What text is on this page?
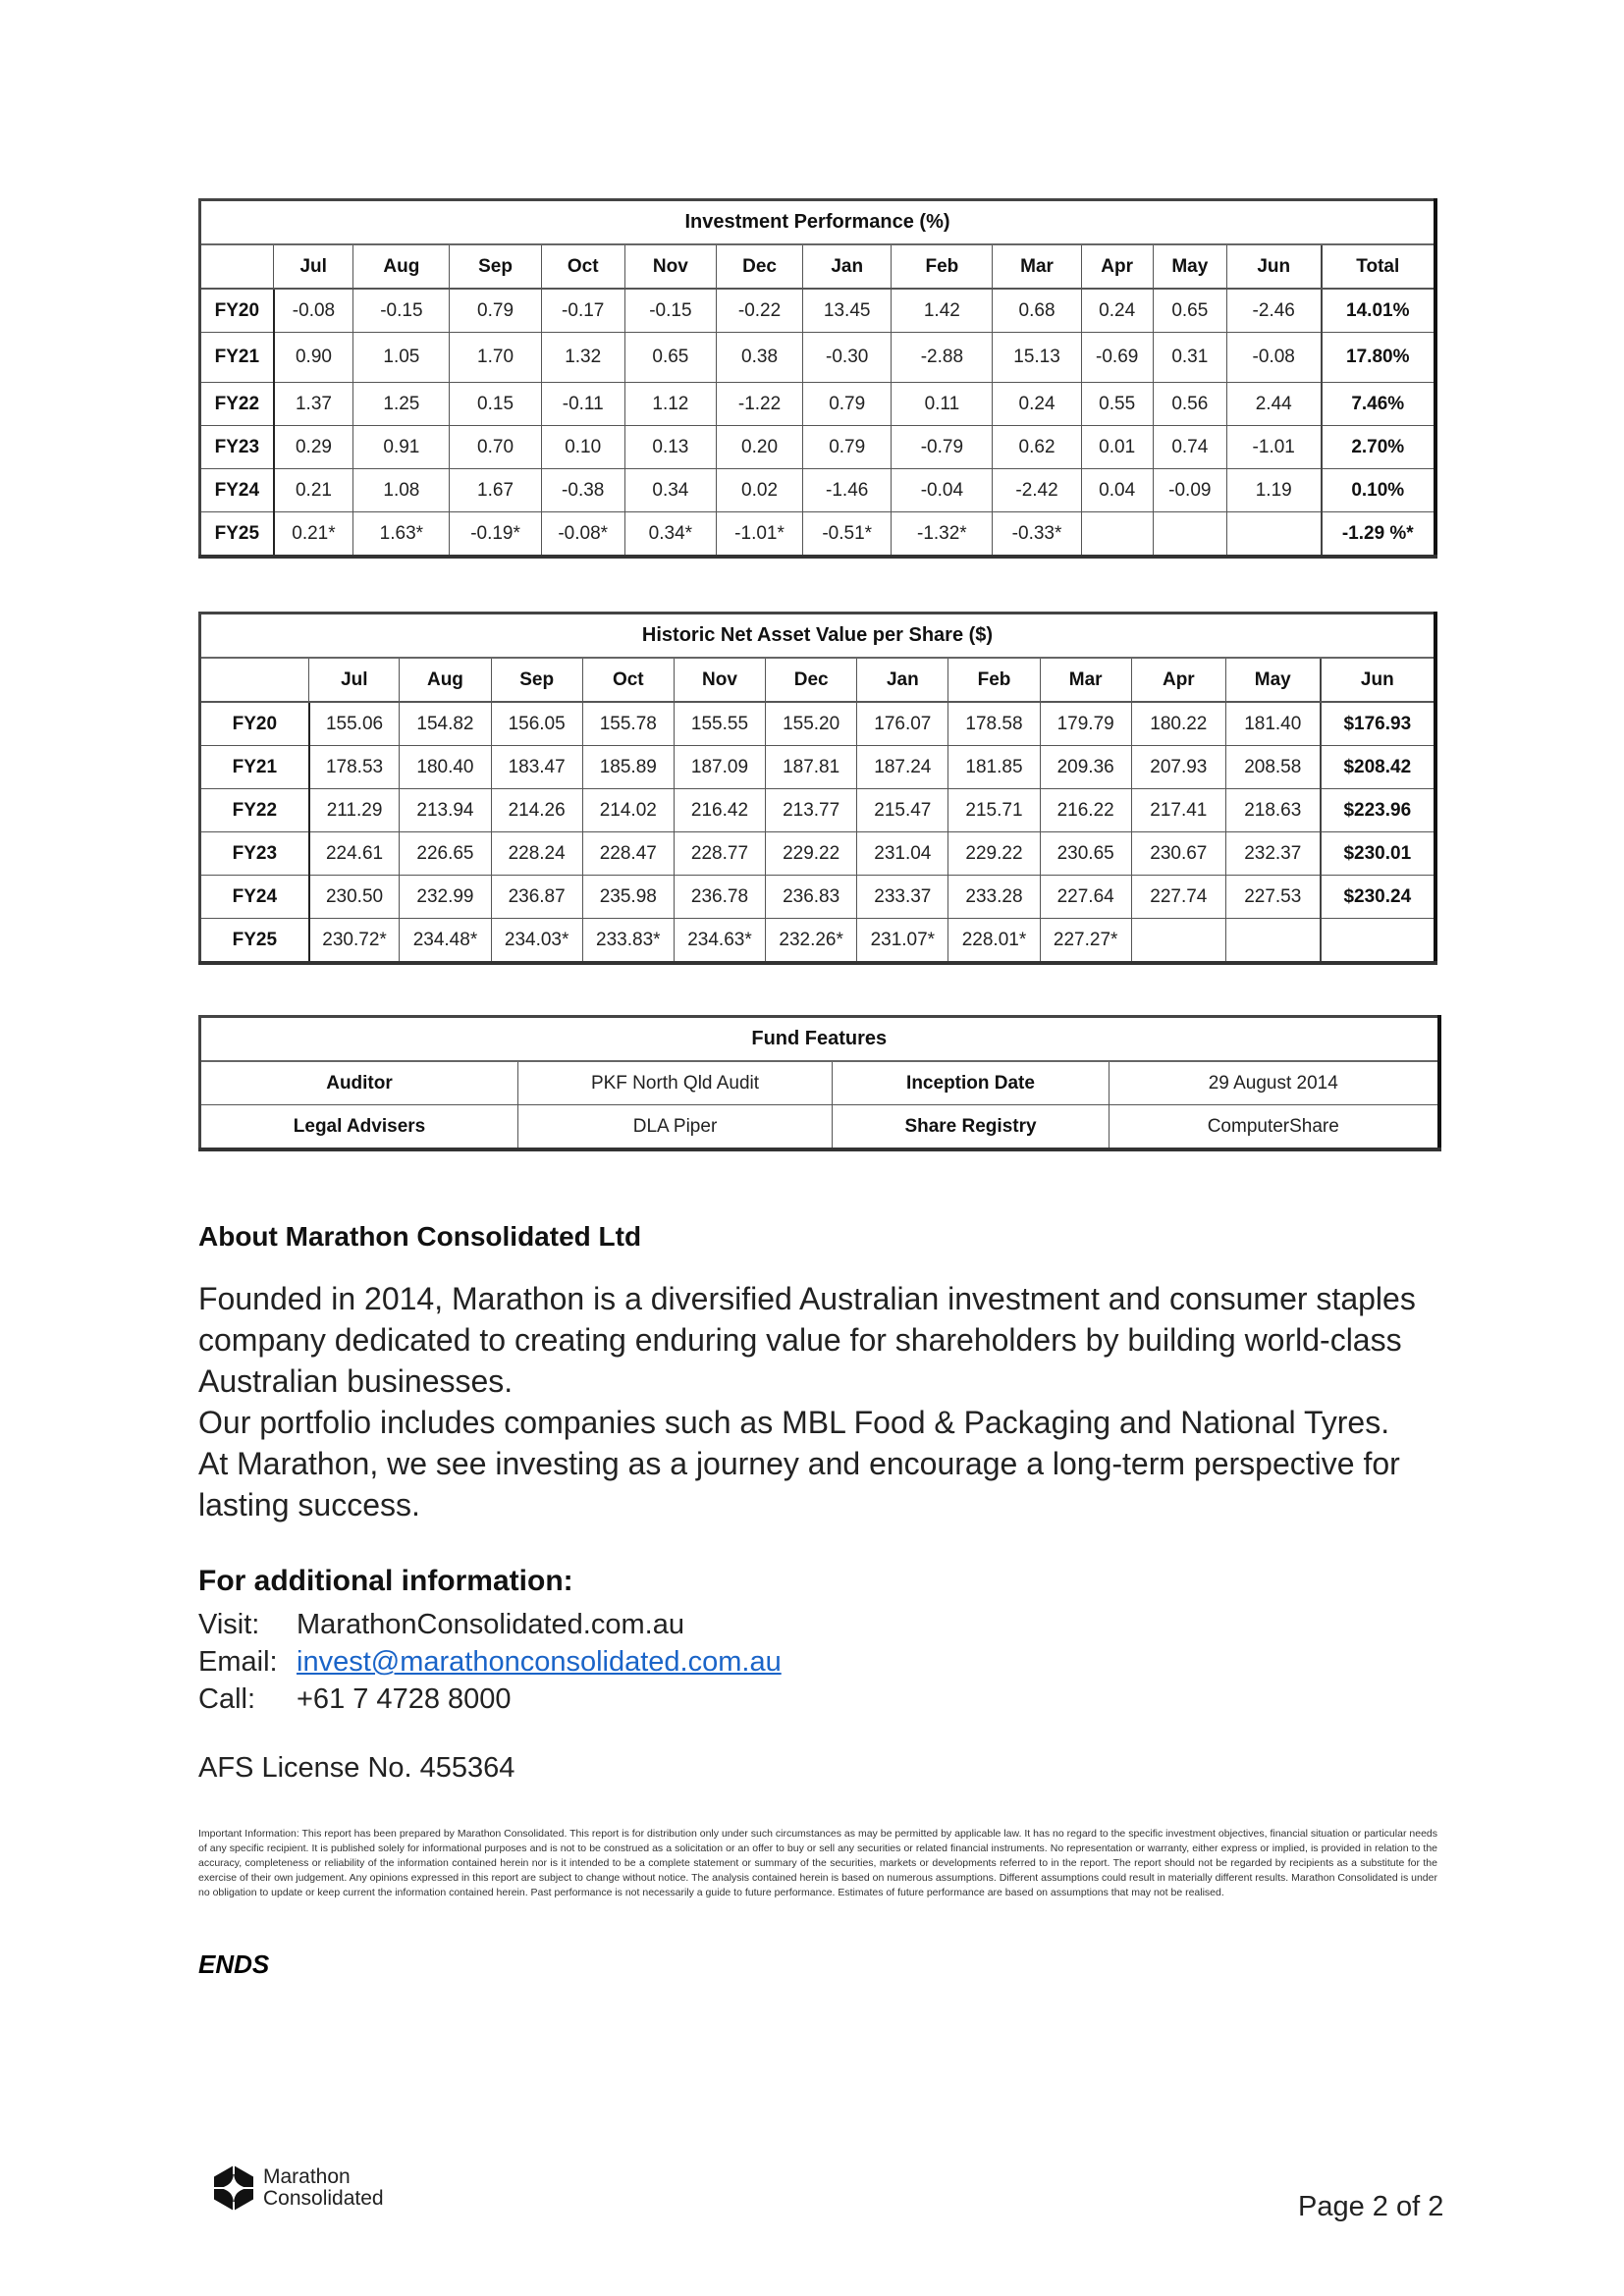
Investment Performance (%)													
	Jul	Aug	Sep	Oct	Nov	Dec	Jan	Feb	Mar	Apr	May	Jun	Total
FY20	-0.08	-0.15	0.79	-0.17	-0.15	-0.22	13.45	1.42	0.68	0.24	0.65	-2.46	14.01%
FY21	0.90	1.05	1.70	1.32	0.65	0.38	-0.30	-2.88	15.13	-0.69	0.31	-0.08	17.80%
FY22	1.37	1.25	0.15	-0.11	1.12	-1.22	0.79	0.11	0.24	0.55	0.56	2.44	7.46%
FY23	0.29	0.91	0.70	0.10	0.13	0.20	0.79	-0.79	0.62	0.01	0.74	-1.01	2.70%
FY24	0.21	1.08	1.67	-0.38	0.34	0.02	-1.46	-0.04	-2.42	0.04	-0.09	1.19	0.10%
FY25	0.21*	1.63*	-0.19*	-0.08*	0.34*	-1.01*	-0.51*	-1.32*	-0.33*				-1.29 %*
Historic Net Asset Value per Share ($)												
	Jul	Aug	Sep	Oct	Nov	Dec	Jan	Feb	Mar	Apr	May	Jun
FY20	155.06	154.82	156.05	155.78	155.55	155.20	176.07	178.58	179.79	180.22	181.40	$176.93
FY21	178.53	180.40	183.47	185.89	187.09	187.81	187.24	181.85	209.36	207.93	208.58	$208.42
FY22	211.29	213.94	214.26	214.02	216.42	213.77	215.47	215.71	216.22	217.41	218.63	$223.96
FY23	224.61	226.65	228.24	228.47	228.77	229.22	231.04	229.22	230.65	230.67	232.37	$230.01
FY24	230.50	232.99	236.87	235.98	236.78	236.83	233.37	233.28	227.64	227.74	227.53	$230.24
FY25	230.72*	234.48*	234.03*	233.83*	234.63*	232.26*	231.07*	228.01*	227.27*			
Fund Features			
Auditor	PKF North Qld Audit	Inception Date	29 August 2014
Legal Advisers	DLA Piper	Share Registry	ComputerShare
About Marathon Consolidated Ltd
Founded in 2014, Marathon is a diversified Australian investment and consumer staples
company dedicated to creating enduring value for shareholders by building world-class
Australian businesses.
Our portfolio includes companies such as MBL Food & Packaging and National Tyres.
At Marathon, we see investing as a journey and encourage a long-term perspective for
lasting success.
For additional information:
Visit:	MarathonConsolidated.com.au
Email: invest@marathonconsolidated.com.au
Call:	+61 7 4728 8000
AFS License No. 455364
Important Information: This report has been prepared by Marathon Consolidated. This report is for distribution only under such circumstances as may be permitted by applicable law. It has no regard to the specific investment objectives, financial situation or particular needs of any specific recipient. It is published solely for informational purposes and is not to be construed as a solicitation or an offer to buy or sell any securities or related financial instruments. No representation or warranty, either express or implied, is provided in relation to the accuracy, completeness or reliability of the information contained herein nor is it intended to be a complete statement or summary of the securities, markets or developments referred to in the report. The report should not be regarded by recipients as a substitute for the exercise of their own judgement. Any opinions expressed in this report are subject to change without notice. The analysis contained herein is based on numerous assumptions. Different assumptions could result in materially different results. Marathon Consolidated is under no obligation to update or keep current the information contained herein. Past performance is not necessarily a guide to future performance. Estimates of future performance are based on assumptions that may not be realised.
ENDS
Marathon
Consolidated	Page 2 of 2
